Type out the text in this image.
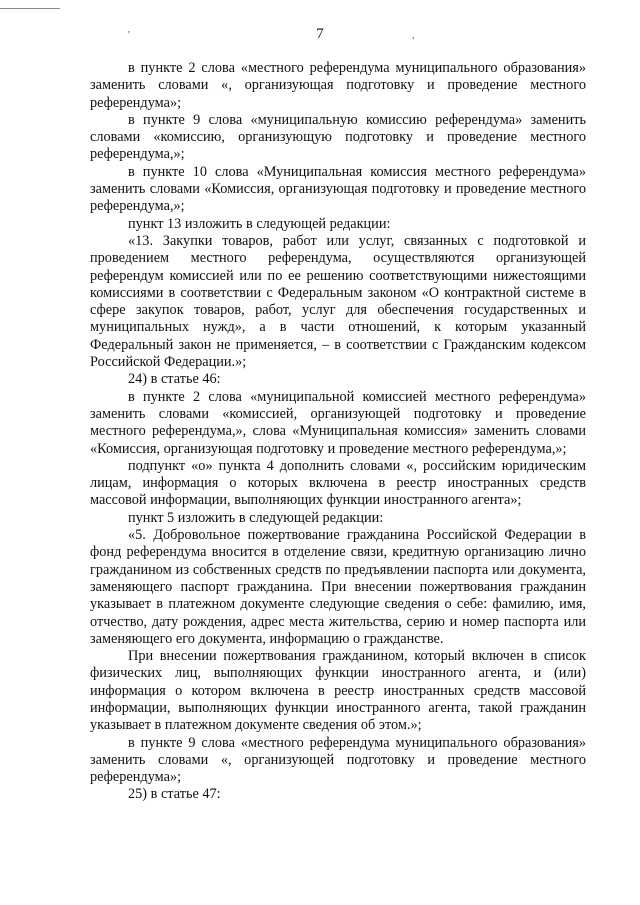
'	,
7

в пункте 2 слова «местного референдума муниципального образования» заменить словами «, организующая подготовку и проведение местного референдума»;

в пункте 9 слова «муниципальную комиссию референдума» заменить словами «комиссию, организующую подготовку и проведение местного референдума,»;

в пункте 10 слова «Муниципальная комиссия местного референдума» заменить словами «Комиссия, организующая подготовку и проведение местного референдума,»;

пункт 13 изложить в следующей редакции:

«13. Закупки товаров, работ или услуг, связанных с подготовкой и проведением местного референдума, осуществляются организующей референдум комиссией или по ее решению соответствующими нижестоящими комиссиями в соответствии с Федеральным законом «О контрактной системе в сфере закупок товаров, работ, услуг для обеспечения государственных и муниципальных нужд», а в части отношений, к которым указанный Федеральный закон не применяется, – в соответствии с Гражданским кодексом Российской Федерации.»;

24) в статье 46:

в пункте 2 слова «муниципальной комиссией местного референдума» заменить словами «комиссией, организующей подготовку и проведение местного референдума,», слова «Муниципальная комиссия» заменить словами «Комиссия, организующая подготовку и проведение местного референдума,»;

подпункт «о» пункта 4 дополнить словами «, российским юридическим лицам, информация о которых включена в реестр иностранных средств массовой информации, выполняющих функции иностранного агента»;

пункт 5 изложить в следующей редакции:

«5. Добровольное пожертвование гражданина Российской Федерации в фонд референдума вносится в отделение связи, кредитную организацию лично гражданином из собственных средств по предъявлении паспорта или документа, заменяющего паспорт гражданина. При внесении пожертвования гражданин указывает в платежном документе следующие сведения о себе: фамилию, имя, отчество, дату рождения, адрес места жительства, серию и номер паспорта или заменяющего его документа, информацию о гражданстве.

При внесении пожертвования гражданином, который включен в список физических лиц, выполняющих функции иностранного агента, и (или) информация о котором включена в реестр иностранных средств массовой информации, выполняющих функции иностранного агента, такой гражданин указывает в платежном документе сведения об этом.»;

в пункте 9 слова «местного референдума муниципального образования» заменить словами «, организующей подготовку и проведение местного референдума»;

25) в статье 47:
